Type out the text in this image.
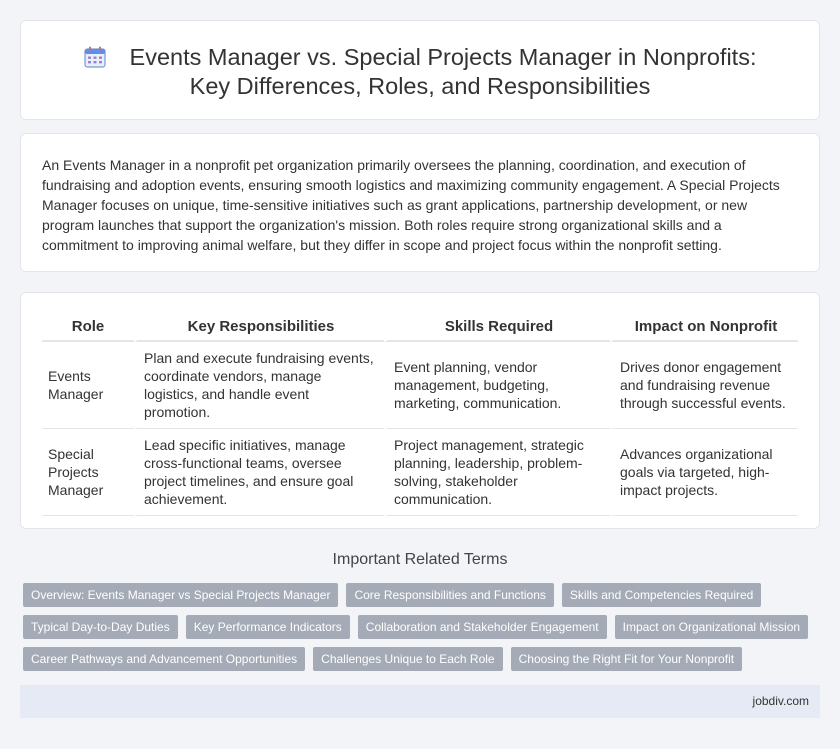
Events Manager vs. Special Projects Manager in Nonprofits: Key Differences, Roles, and Responsibilities

An Events Manager in a nonprofit pet organization primarily oversees the planning, coordination, and execution of fundraising and adoption events, ensuring smooth logistics and maximizing community engagement. A Special Projects Manager focuses on unique, time-sensitive initiatives such as grant applications, partnership development, or new program launches that support the organization's mission. Both roles require strong organizational skills and a commitment to improving animal welfare, but they differ in scope and project focus within the nonprofit setting.

Role	Key Responsibilities	Skills Required	Impact on Nonprofit
Events Manager	Plan and execute fundraising events, coordinate vendors, manage logistics, and handle event promotion.	Event planning, vendor management, budgeting, marketing, communication.	Drives donor engagement and fundraising revenue through successful events.
Special Projects Manager	Lead specific initiatives, manage cross-functional teams, oversee project timelines, and ensure goal achievement.	Project management, strategic planning, leadership, problem-solving, stakeholder communication.	Advances organizational goals via targeted, high-impact projects.
Important Related Terms
Overview: Events Manager vs Special Projects Manager	Core Responsibilities and Functions	Skills and Competencies Required
Typical Day-to-Day Duties	Key Performance Indicators	Collaboration and Stakeholder Engagement	Impact on Organizational Mission
Career Pathways and Advancement Opportunities	Challenges Unique to Each Role	Choosing the Right Fit for Your Nonprofit
jobdiv.com
